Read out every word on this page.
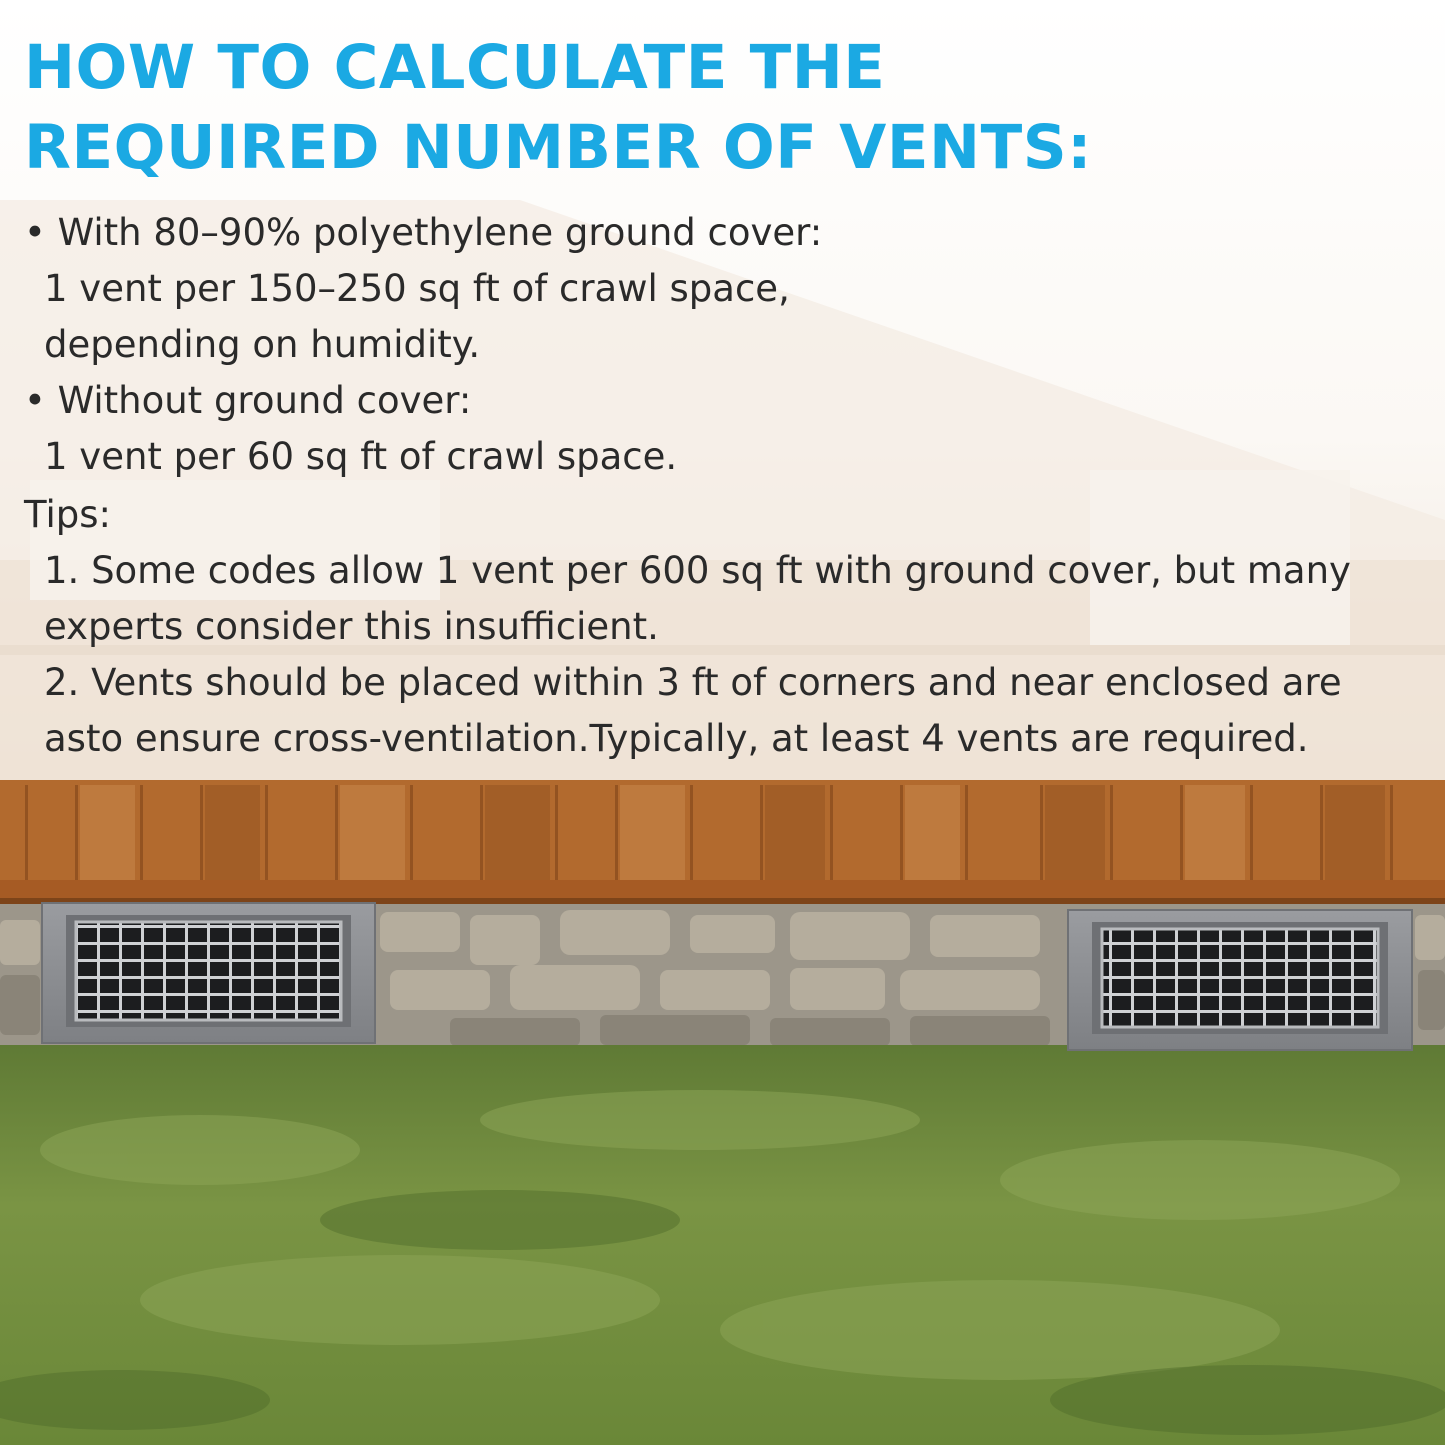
HOW TO CALCULATE THE
REQUIRED NUMBER OF VENTS:
• With 80–90% polyethylene ground cover:
1 vent per 150–250 sq ft of crawl space,
depending on humidity.
• Without ground cover:
1 vent per 60 sq ft of crawl space.
Tips:
1. Some codes allow 1 vent per 600 sq ft with ground cover, but many
experts consider this insufficient.
2. Vents should be placed within 3 ft of corners and near enclosed are
asto ensure cross-ventilation.Typically, at least 4 vents are required.
